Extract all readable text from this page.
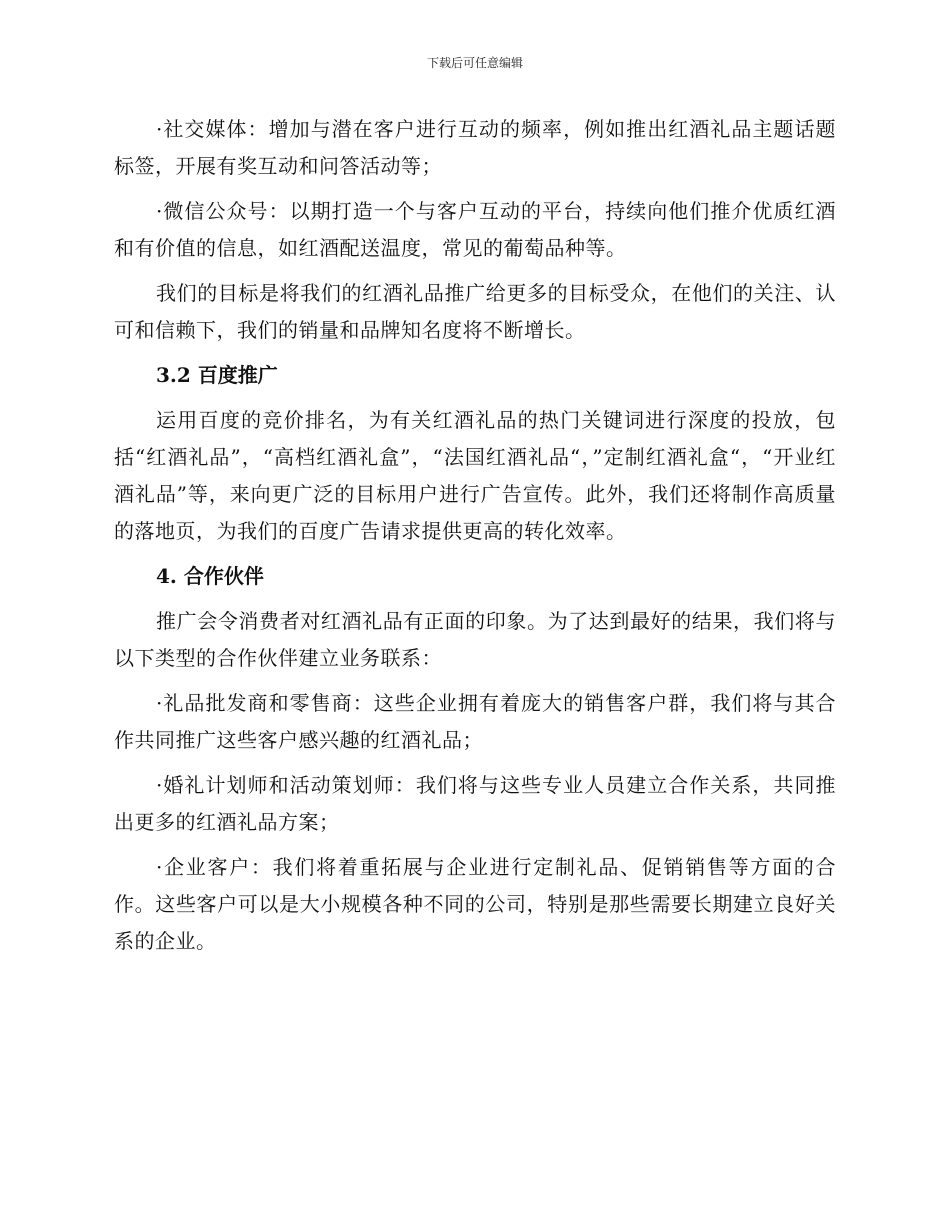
下载后可任意编辑

·社交媒体：增加与潜在客户进行互动的频率，例如推出红酒礼品主题话题标签，开展有奖互动和问答活动等；

·微信公众号：以期打造一个与客户互动的平台，持续向他们推介优质红酒和有价值的信息，如红酒配送温度，常见的葡萄品种等。

我们的目标是将我们的红酒礼品推广给更多的目标受众，在他们的关注、认可和信赖下，我们的销量和品牌知名度将不断增长。

3.2 百度推广

运用百度的竞价排名，为有关红酒礼品的热门关键词进行深度的投放，包括“红酒礼品”，“高档红酒礼盒”，“法国红酒礼品“，”定制红酒礼盒“，“开业红酒礼品”等，来向更广泛的目标用户进行广告宣传。此外，我们还将制作高质量的落地页，为我们的百度广告请求提供更高的转化效率。

4. 合作伙伴

推广会令消费者对红酒礼品有正面的印象。为了达到最好的结果，我们将与以下类型的合作伙伴建立业务联系：

·礼品批发商和零售商：这些企业拥有着庞大的销售客户群，我们将与其合作共同推广这些客户感兴趣的红酒礼品；

·婚礼计划师和活动策划师：我们将与这些专业人员建立合作关系，共同推出更多的红酒礼品方案；

·企业客户：我们将着重拓展与企业进行定制礼品、促销销售等方面的合作。这些客户可以是大小规模各种不同的公司，特别是那些需要长期建立良好关系的企业。
